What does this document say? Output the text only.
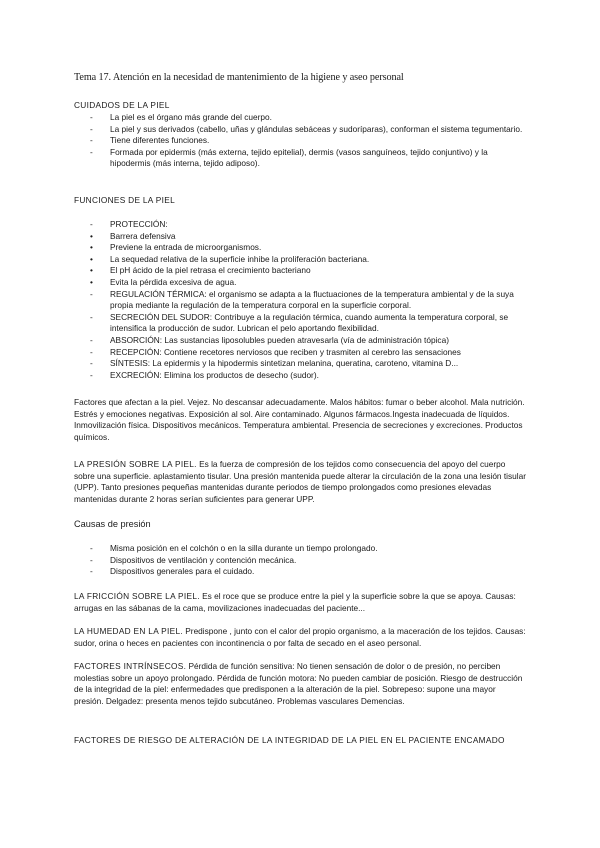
Tema 17. Atención en la necesidad de mantenimiento de la higiene y aseo personal
CUIDADOS DE LA PIEL
-	La piel es el órgano más grande del cuerpo.
-	La piel y sus derivados (cabello, uñas y glándulas sebáceas y sudoríparas), conforman el sistema tegumentario.
-	Tiene diferentes funciones.
-	Formada por epidermis (más externa, tejido epitelial), dermis (vasos sanguíneos, tejido conjuntivo) y la hipodermis (más interna, tejido adiposo).
FUNCIONES DE LA PIEL
-	PROTECCIÓN:
•	Barrera defensiva
•	Previene la entrada de microorganismos.
•	La sequedad relativa de la superficie inhibe la proliferación bacteriana.
•	El pH ácido de la piel retrasa el crecimiento bacteriano
•	Evita la pérdida excesiva de agua.
-	REGULACIÓN TÉRMICA: el organismo se adapta a la fluctuaciones de la temperatura ambiental y de la suya propia mediante la regulación de la temperatura corporal en la superficie corporal.
-	SECRECIÓN DEL SUDOR: Contribuye a la regulación térmica, cuando aumenta la temperatura corporal, se intensifica la producción de sudor. Lubrican el pelo aportando flexibilidad.
-	ABSORCIÓN: Las sustancias liposolubles pueden atravesarla (vía de administración tópica)
-	RECEPCIÓN: Contiene recetores nerviosos que reciben y trasmiten al cerebro las sensaciones
-	SÍNTESIS: La epidermis y la hipodermis sintetizan melanina, queratina, caroteno, vitamina D...
-	EXCRECIÓN: Elimina los productos de desecho (sudor).
Factores que afectan a la piel. Vejez. No descansar adecuadamente. Malos hábitos: fumar o beber alcohol. Mala nutrición. Estrés y emociones negativas. Exposición al sol. Aire contaminado. Algunos fármacos.Ingesta inadecuada de líquidos. Inmovilización física. Dispositivos mecánicos. Temperatura ambiental. Presencia de secreciones y excreciones. Productos químicos.
LA PRESIÓN SOBRE LA PIEL. Es la fuerza de compresión de los tejidos como consecuencia del apoyo del cuerpo sobre una superficie. aplastamiento tisular. Una presión mantenida puede alterar la circulación de la zona una lesión tisular (UPP). Tanto presiones pequeñas mantenidas durante periodos de tiempo prolongados como presiones elevadas mantenidas durante 2 horas serían suficientes para generar UPP.
Causas de presión
-	Misma posición en el colchón o en la silla durante un tiempo prolongado.
-	Dispositivos de ventilación y contención mecánica.
-	Dispositivos generales para el cuidado.
LA FRICCIÓN SOBRE LA PIEL. Es el roce que se produce entre la piel y la superficie sobre la que se apoya. Causas: arrugas en las sábanas de la cama, movilizaciones inadecuadas del paciente...
LA HUMEDAD EN LA PIEL. Predispone , junto con el calor del propio organismo, a la maceración de los tejidos. Causas: sudor, orina o heces en pacientes con incontinencia o por falta de secado en el aseo personal.
FACTORES INTRÍNSECOS. Pérdida de función sensitiva: No tienen sensación de dolor o de presión, no perciben molestias sobre un apoyo prolongado. Pérdida de función motora: No pueden cambiar de posición. Riesgo de destrucción de la integridad de la piel: enfermedades que predisponen a la alteración de la piel. Sobrepeso: supone una mayor presión. Delgadez: presenta menos tejido subcutáneo. Problemas vasculares Demencias.
FACTORES DE RIESGO DE ALTERACIÓN DE LA INTEGRIDAD DE LA PIEL EN EL PACIENTE ENCAMADO
